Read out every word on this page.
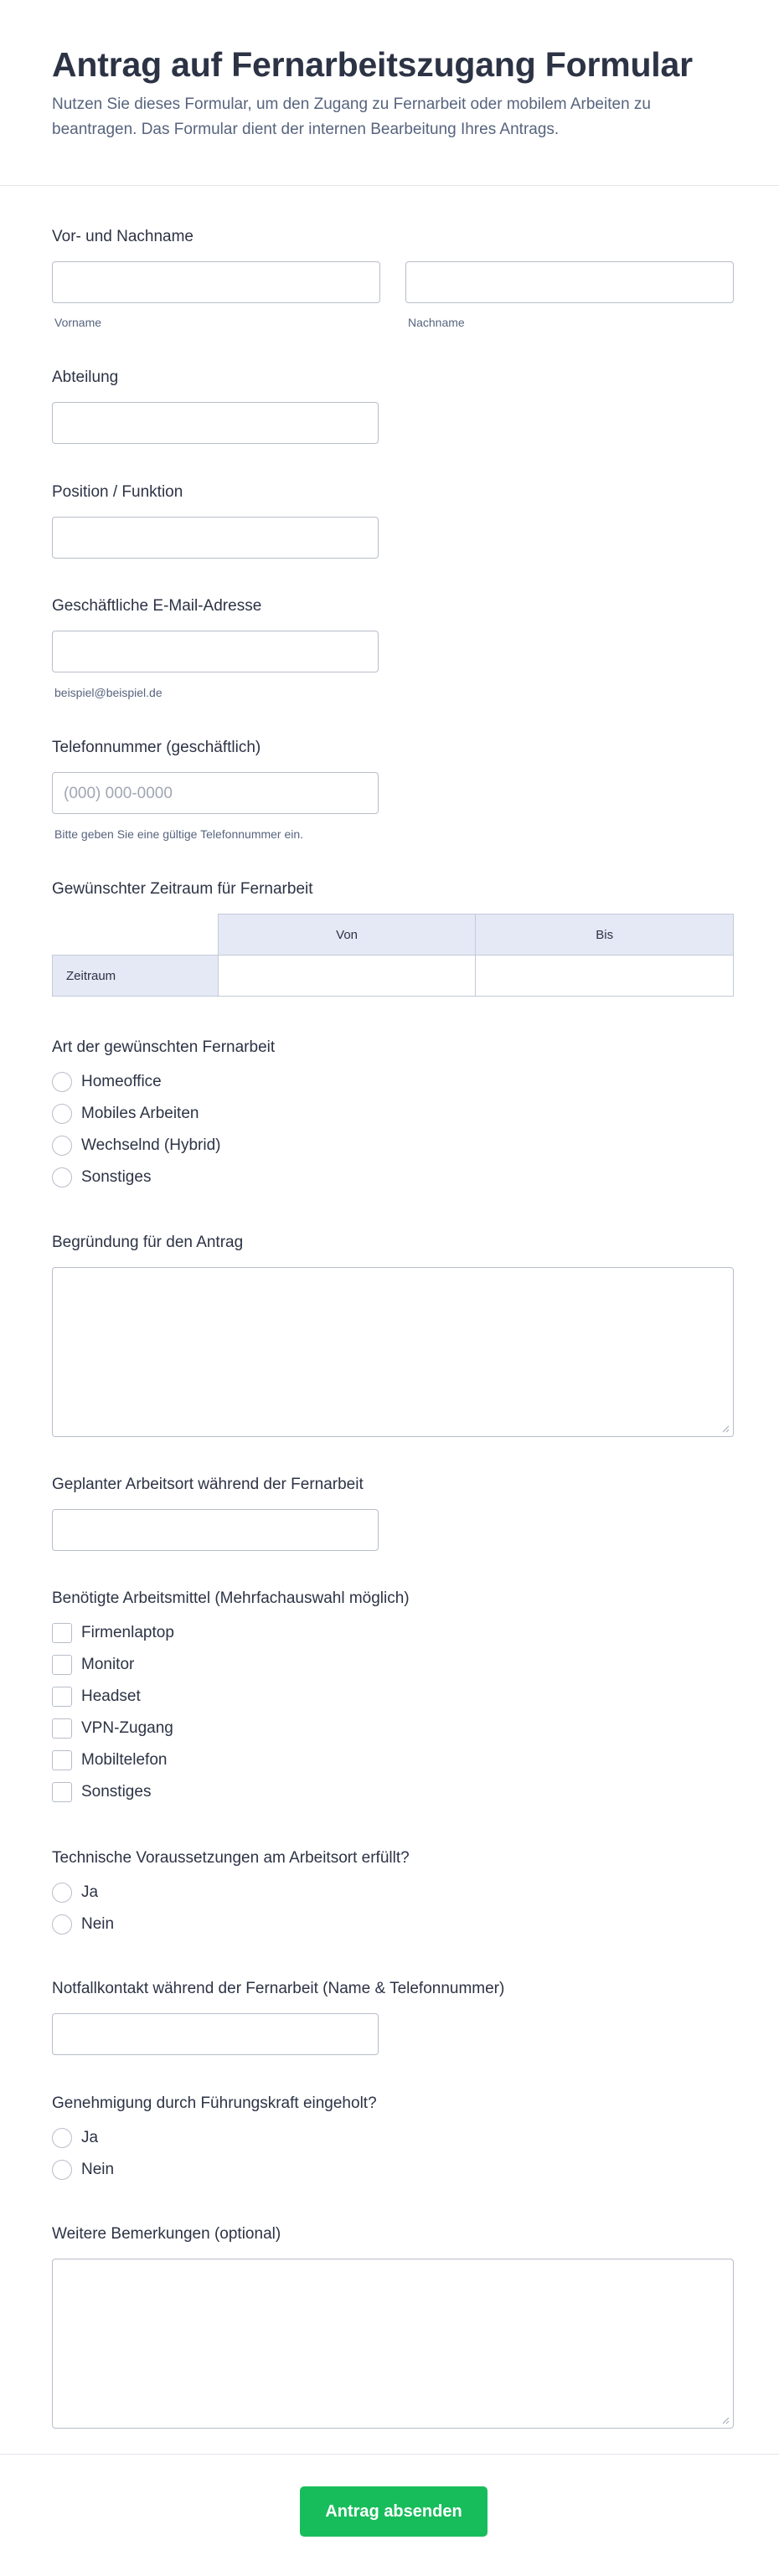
Antrag auf Fernarbeitszugang Formular

Nutzen Sie dieses Formular, um den Zugang zu Fernarbeit oder mobilem Arbeiten zu beantragen. Das Formular dient der internen Bearbeitung Ihres Antrags.

Vor- und Nachname
Vorname	Nachname
Abteilung
Position / Funktion
Geschäftliche E-Mail-Adresse
beispiel@beispiel.de
Telefonnummer (geschäftlich)
(000) 000-0000
Bitte geben Sie eine gültige Telefonnummer ein.
Gewünschter Zeitraum für Fernarbeit
	Von	Bis
Zeitraum		
Art der gewünschten Fernarbeit
Homeoffice
Mobiles Arbeiten
Wechselnd (Hybrid)
Sonstiges
Begründung für den Antrag
Geplanter Arbeitsort während der Fernarbeit
Benötigte Arbeitsmittel (Mehrfachauswahl möglich)
Firmenlaptop
Monitor
Headset
VPN-Zugang
Mobiltelefon
Sonstiges
Technische Voraussetzungen am Arbeitsort erfüllt?
Ja
Nein
Notfallkontakt während der Fernarbeit (Name & Telefonnummer)
Genehmigung durch Führungskraft eingeholt?
Ja
Nein
Weitere Bemerkungen (optional)
Antrag absenden
